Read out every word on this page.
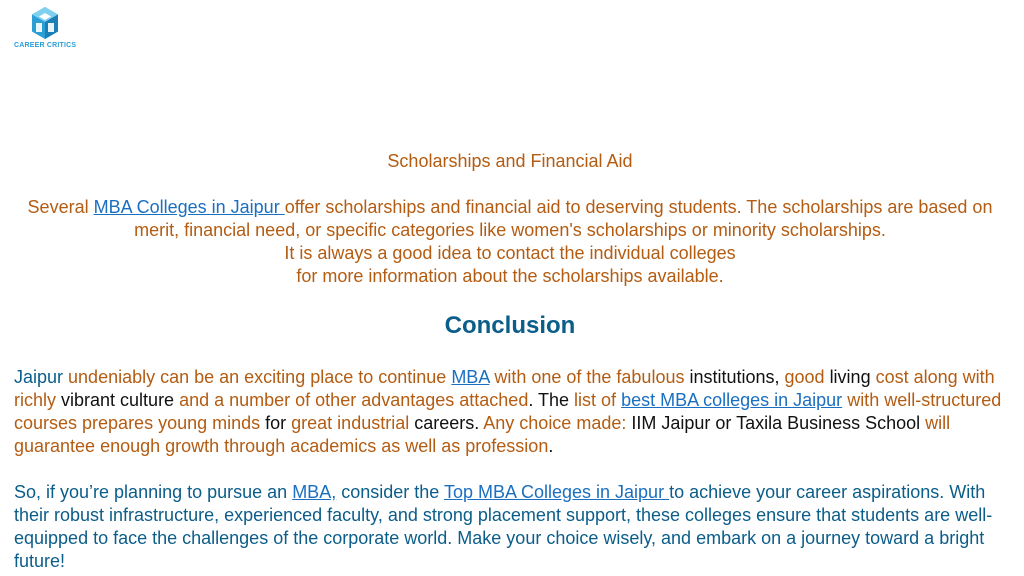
CAREER CRITICS

Scholarships and Financial Aid

Several MBA Colleges in Jaipur offer scholarships and financial aid to deserving students. The scholarships are based on merit, financial need, or specific categories like women's scholarships or minority scholarships.

It is always a good idea to contact the individual colleges

for more information about the scholarships available.

Conclusion

Jaipur undeniably can be an exciting place to continue MBA with one of the fabulous institutions, good living cost along with richly vibrant culture and a number of other advantages attached. The list of best MBA colleges in Jaipur with well-structured courses prepares young minds for great industrial careers. Any choice made: IIM Jaipur or Taxila Business School will guarantee enough growth through academics as well as profession.

So, if you’re planning to pursue an MBA, consider the Top MBA Colleges in Jaipur to achieve your career aspirations. With their robust infrastructure, experienced faculty, and strong placement support, these colleges ensure that students are well-equipped to face the challenges of the corporate world. Make your choice wisely, and embark on a journey toward a bright future!
